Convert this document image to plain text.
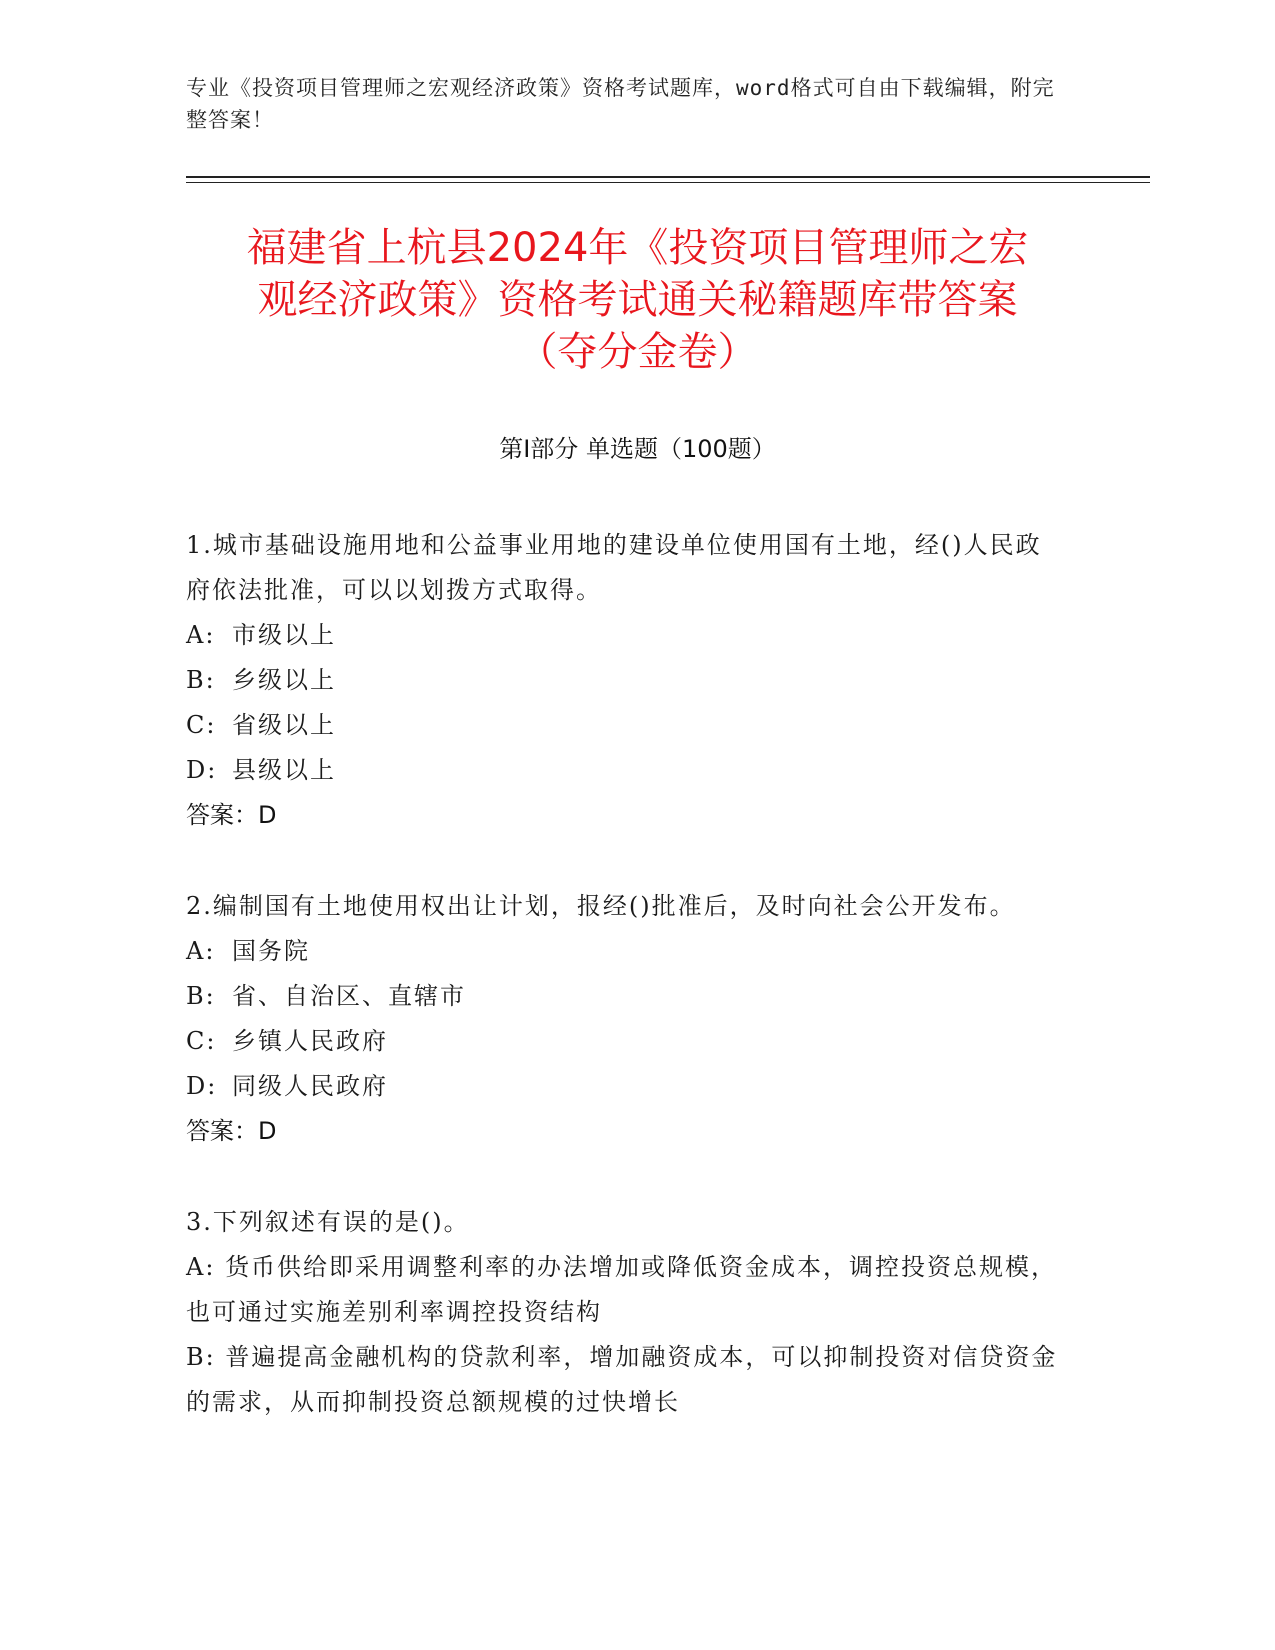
专业《投资项目管理师之宏观经济政策》资格考试题库，word格式可自由下载编辑，附完整答案！
福建省上杭县2024年《投资项目管理师之宏
观经济政策》资格考试通关秘籍题库带答案
（夺分金卷）
第I部分 单选题（100题）
1.城市基础设施用地和公益事业用地的建设单位使用国有土地，经()人民政府依法批准，可以以划拨方式取得。
A: 市级以上
B: 乡级以上
C: 省级以上
D: 县级以上
答案：D
2.编制国有土地使用权出让计划，报经()批准后，及时向社会公开发布。
A: 国务院
B: 省、自治区、直辖市
C: 乡镇人民政府
D: 同级人民政府
答案：D
3.下列叙述有误的是()。
A: 货币供给即采用调整利率的办法增加或降低资金成本，调控投资总规模，也可通过实施差别利率调控投资结构
B: 普遍提高金融机构的贷款利率，增加融资成本，可以抑制投资对信贷资金的需求，从而抑制投资总额规模的过快增长
